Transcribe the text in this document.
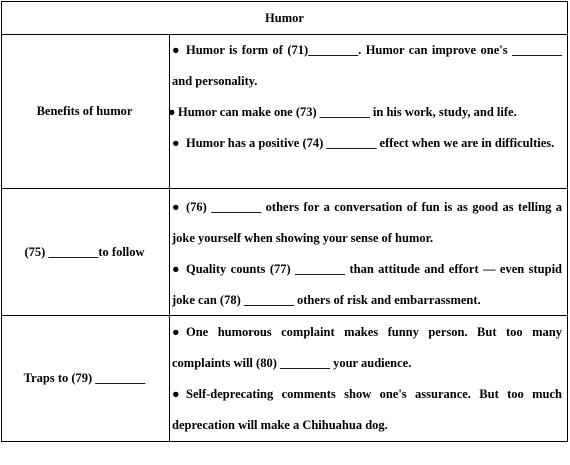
Humor
Benefits of humor
● Humor is form of (71)________. Humor can improve one's ________ and personality.
● Humor can make one (73) ________ in his work, study, and life.
● Humor has a positive (74) ________ effect when we are in difficulties.
(75) ________to follow
● (76) ________ others for a conversation of fun is as good as telling a joke yourself when showing your sense of humor.
● Quality counts (77) ________ than attitude and effort — even stupid joke can (78) ________ others of risk and embarrassment.
Traps to (79) ________
● One humorous complaint makes funny person. But too many complaints will (80) ________ your audience.
● Self-deprecating comments show one's assurance. But too much deprecation will make a Chihuahua dog.
